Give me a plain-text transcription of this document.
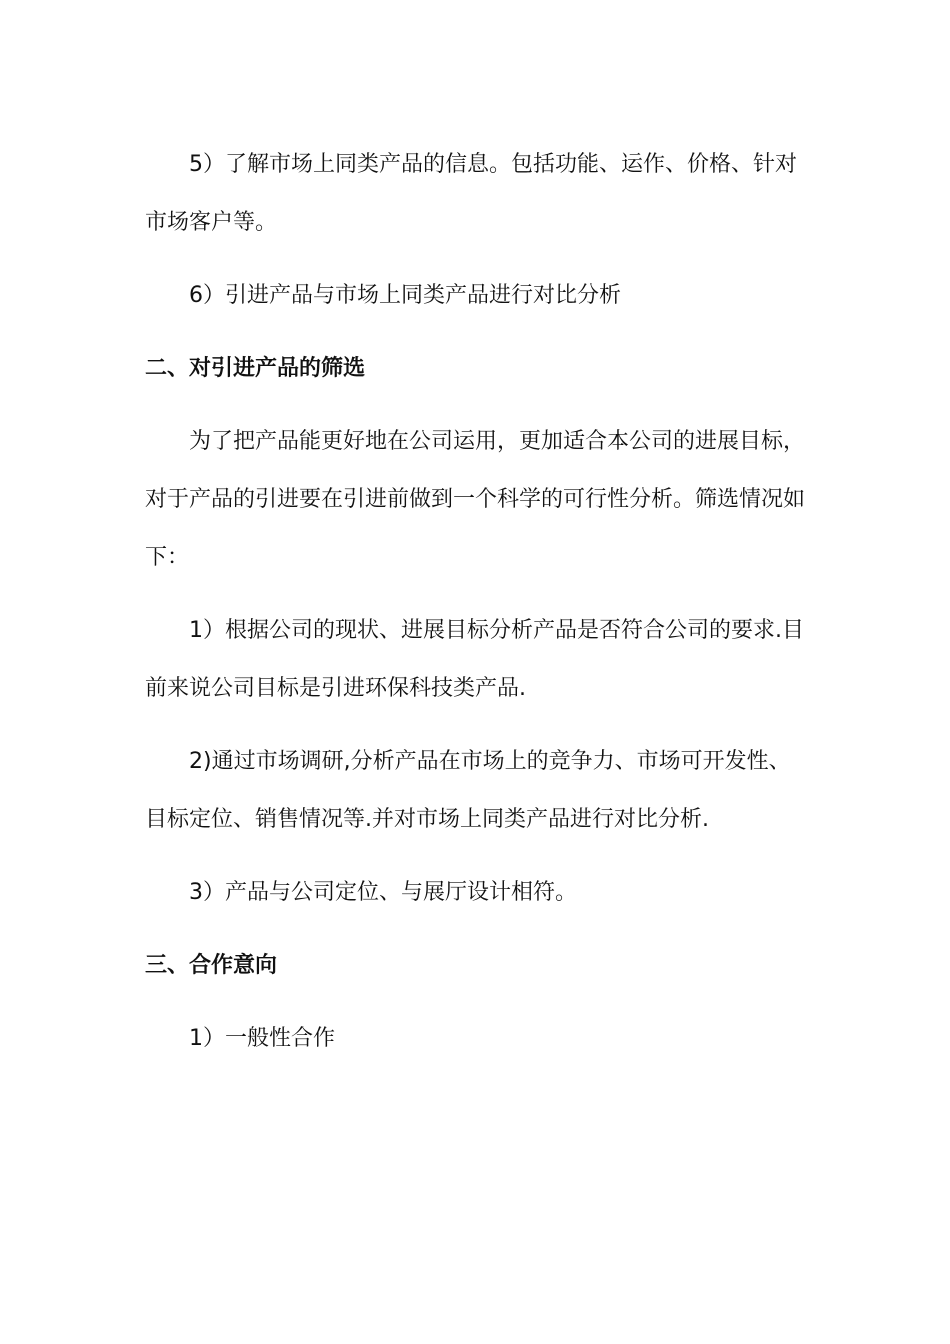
5）了解市场上同类产品的信息。包括功能、运作、价格、针对市场客户等。

6）引进产品与市场上同类产品进行对比分析

二、对引进产品的筛选

为了把产品能更好地在公司运用，更加适合本公司的进展目标，对于产品的引进要在引进前做到一个科学的可行性分析。筛选情况如下：

1）根据公司的现状、进展目标分析产品是否符合公司的要求.目前来说公司目标是引进环保科技类产品.

2)通过市场调研,分析产品在市场上的竞争力、市场可开发性、目标定位、销售情况等.并对市场上同类产品进行对比分析.

3）产品与公司定位、与展厅设计相符。

三、合作意向

1）一般性合作
